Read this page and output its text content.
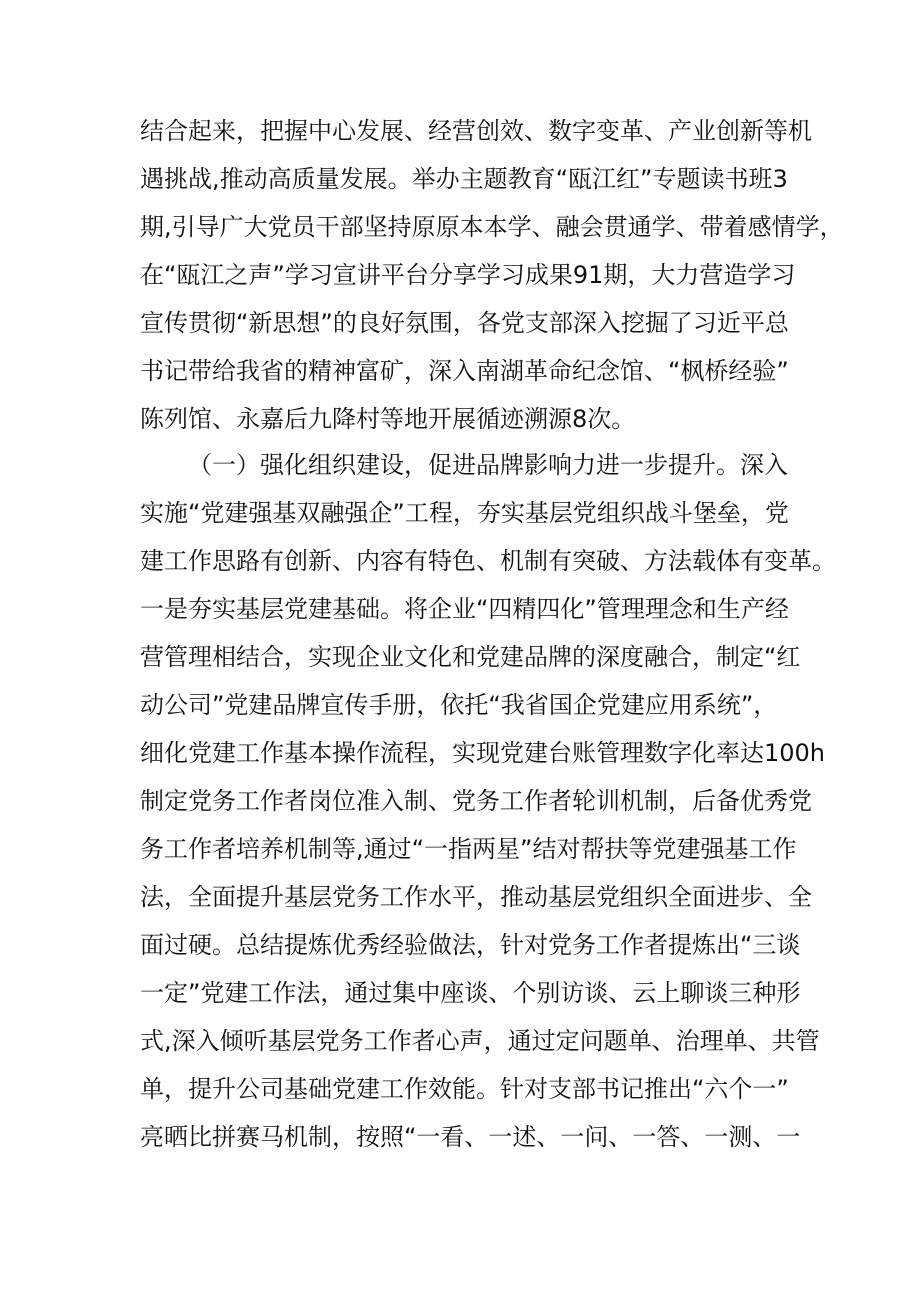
结合起来，把握中心发展、经营创效、数字变革、产业创新等机
遇挑战,推动高质量发展。举办主题教育“瓯江红”专题读书班3
期,引导广大党员干部坚持原原本本学、融会贯通学、带着感情学，
在“瓯江之声”学习宣讲平台分享学习成果91期，大力营造学习
宣传贯彻“新思想”的良好氛围，各党支部深入挖掘了习近平总
书记带给我省的精神富矿，深入南湖革命纪念馆、“枫桥经验”
陈列馆、永嘉后九降村等地开展循迹溯源8次。
（一）强化组织建设，促进品牌影响力进一步提升。深入
实施“党建强基双融强企”工程，夯实基层党组织战斗堡垒，党
建工作思路有创新、内容有特色、机制有突破、方法载体有变革。
一是夯实基层党建基础。将企业“四精四化”管理理念和生产经
营管理相结合，实现企业文化和党建品牌的深度融合，制定“红
动公司”党建品牌宣传手册，依托“我省国企党建应用系统”，
细化党建工作基本操作流程，实现党建台账管理数字化率达100h
制定党务工作者岗位准入制、党务工作者轮训机制，后备优秀党
务工作者培养机制等,通过“一指两星”结对帮扶等党建强基工作
法，全面提升基层党务工作水平，推动基层党组织全面进步、全
面过硬。总结提炼优秀经验做法，针对党务工作者提炼出“三谈
一定”党建工作法，通过集中座谈、个别访谈、云上聊谈三种形
式,深入倾听基层党务工作者心声，通过定问题单、治理单、共管
单，提升公司基础党建工作效能。针对支部书记推出“六个一”
亮晒比拼赛马机制，按照“一看、一述、一问、一答、一测、一
